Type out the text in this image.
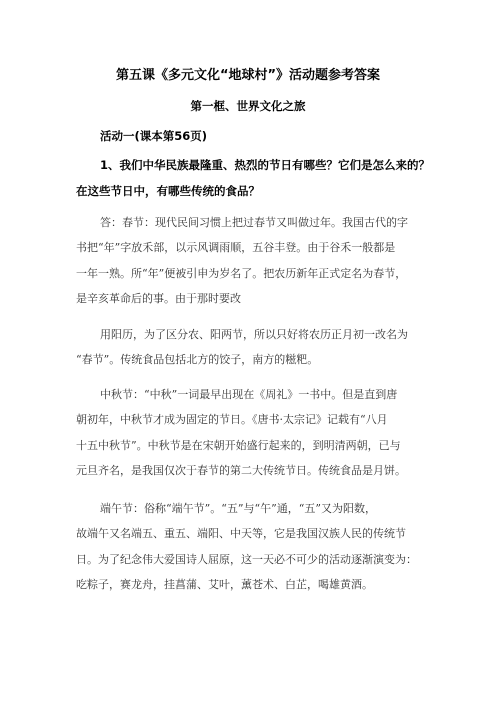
第五课《多元文化“地球村”》活动题参考答案
第一框、世界文化之旅
活动一(课本第56页)
1、我们中华民族最隆重、热烈的节日有哪些？它们是怎么来的？
在这些节日中，有哪些传统的食品？
答：春节：现代民间习惯上把过春节又叫做过年。我国古代的字
书把“年”字放禾部，以示风调雨顺，五谷丰登。由于谷禾一般都是
一年一熟。所“年”便被引申为岁名了。把农历新年正式定名为春节，
是辛亥革命后的事。由于那时要改
用阳历，为了区分农、阳两节，所以只好将农历正月初一改名为
“春节”。传统食品包括北方的饺子，南方的糍粑。
中秋节：“中秋”一词最早出现在《周礼》一书中。但是直到唐
朝初年，中秋节才成为固定的节日。《唐书·太宗记》记载有“八月
十五中秋节”。中秋节是在宋朝开始盛行起来的，到明清两朝，已与
元旦齐名，是我国仅次于春节的第二大传统节日。传统食品是月饼。
端午节：俗称“端午节”。“五”与“午”通，“五”又为阳数，
故端午又名端五、重五、端阳、中天等，它是我国汉族人民的传统节
日。为了纪念伟大爱国诗人屈原，这一天必不可少的活动逐渐演变为：
吃粽子，赛龙舟，挂菖蒲、艾叶，薰苍术、白芷，喝雄黄酒。
